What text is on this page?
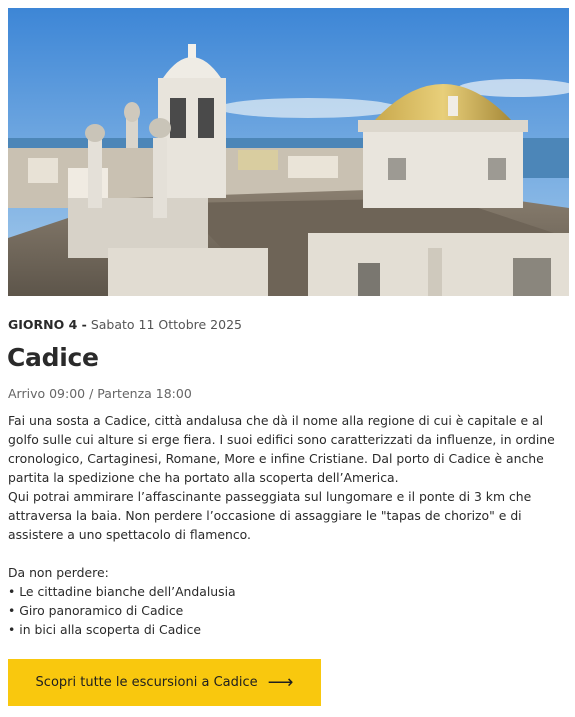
GIORNO 4 - Sabato 11 Ottobre 2025
Cadice
Arrivo 09:00 / Partenza 18:00

Fai una sosta a Cadice, città andalusa che dà il nome alla regione di cui è capitale e al

golfo sulle cui alture si erge fiera. I suoi edifici sono caratterizzati da influenze, in ordine

cronologico, Cartaginesi, Romane, More e infine Cristiane. Dal porto di Cadice è anche

partita la spedizione che ha portato alla scoperta dell’America.

Qui potrai ammirare l’affascinante passeggiata sul lungomare e il ponte di 3 km che

attraversa la baia. Non perdere l’occasione di assaggiare le "tapas de chorizo" e di

assistere a uno spettacolo di flamenco.

Da non perdere:

• Le cittadine bianche dell’Andalusia
• Giro panoramico di Cadice
• in bici alla scoperta di Cadice
Scopri tutte le escursioni a Cadice ⟶
